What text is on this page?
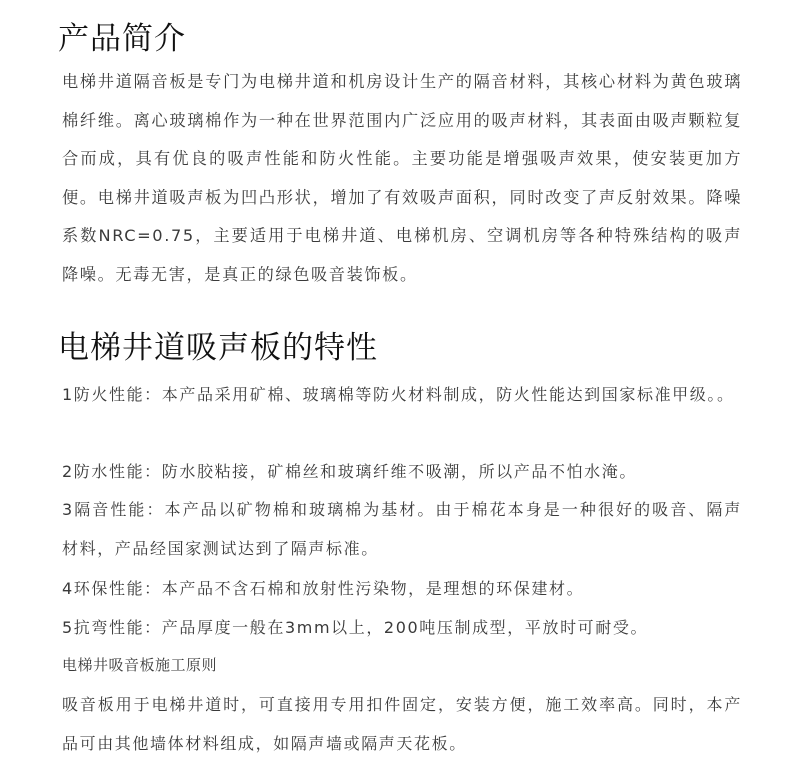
产品简介

电梯井道隔音板是专门为电梯井道和机房设计生产的隔音材料，其核心材料为黄色玻璃棉纤维。离心玻璃棉作为一种在世界范围内广泛应用的吸声材料，其表面由吸声颗粒复合而成，具有优良的吸声性能和防火性能。主要功能是增强吸声效果，使安装更加方便。电梯井道吸声板为凹凸形状，增加了有效吸声面积，同时改变了声反射效果。降噪系数NRC=0.75，主要适用于电梯井道、电梯机房、空调机房等各种特殊结构的吸声降噪。无毒无害，是真正的绿色吸音装饰板。

电梯井道吸声板的特性

1防火性能：本产品采用矿棉、玻璃棉等防火材料制成，防火性能达到国家标准甲级。。

2防水性能：防水胶粘接，矿棉丝和玻璃纤维不吸潮，所以产品不怕水淹。

3隔音性能：本产品以矿物棉和玻璃棉为基材。由于棉花本身是一种很好的吸音、隔声材料，产品经国家测试达到了隔声标准。

4环保性能：本产品不含石棉和放射性污染物，是理想的环保建材。

5抗弯性能：产品厚度一般在3mm以上，200吨压制成型，平放时可耐受。

电梯井吸音板施工原则

吸音板用于电梯井道时，可直接用专用扣件固定，安装方便，施工效率高。同时，本产品可由其他墙体材料组成，如隔声墙或隔声天花板。
